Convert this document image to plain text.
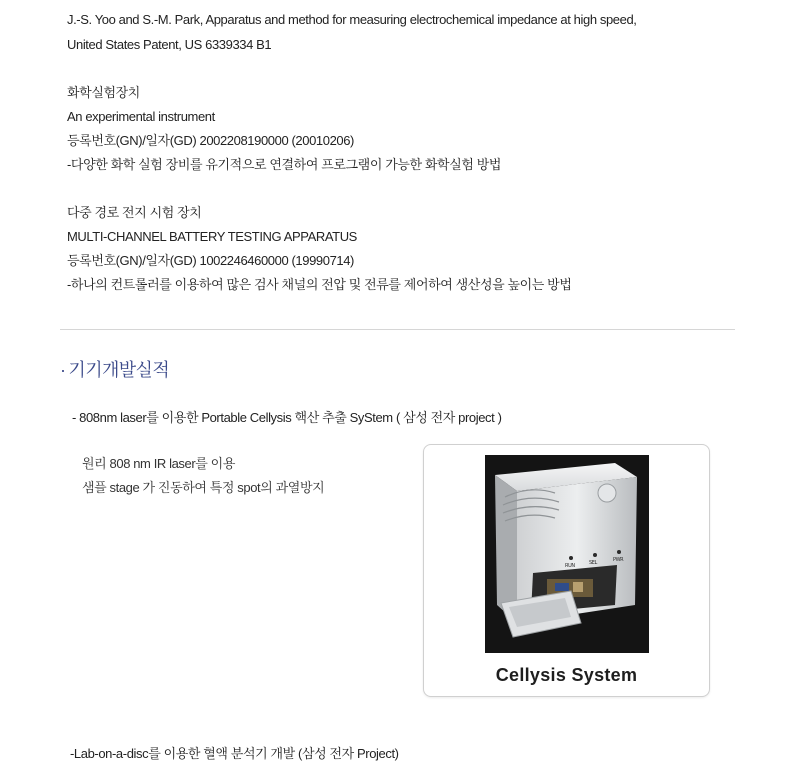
J.-S. Yoo and S.-M. Park, Apparatus and method for measuring electrochemical impedance at high speed,
United States Patent, US 6339334 B1
화학실험장치
An experimental instrument
등록번호(GN)/일자(GD) 2002208190000 (20010206)
-다양한 화학 실험 장비를 유기적으로 연결하여 프로그램이 가능한 화학실험 방법
다중 경로 전지 시험 장치
MULTI-CHANNEL BATTERY TESTING APPARATUS
등록번호(GN)/일자(GD) 1002246460000 (19990714)
-하나의 컨트롤러를 이용하여 많은 검사 채널의 전압 및 전류를 제어하여 생산성을 높이는 방법
· 기기개발실적
- 808nm laser를 이용한 Portable Cellysis 핵산 추출 SyStem ( 삼성 전자 project )
원리 808 nm IR laser를 이용
샘플 stage 가 진동하여 특정 spot의 과열방지
RUN	SEL	PWR
Cellysis System
-Lab-on-a-disc를 이용한 혈액 분석기 개발 (삼성 전자 Project)
